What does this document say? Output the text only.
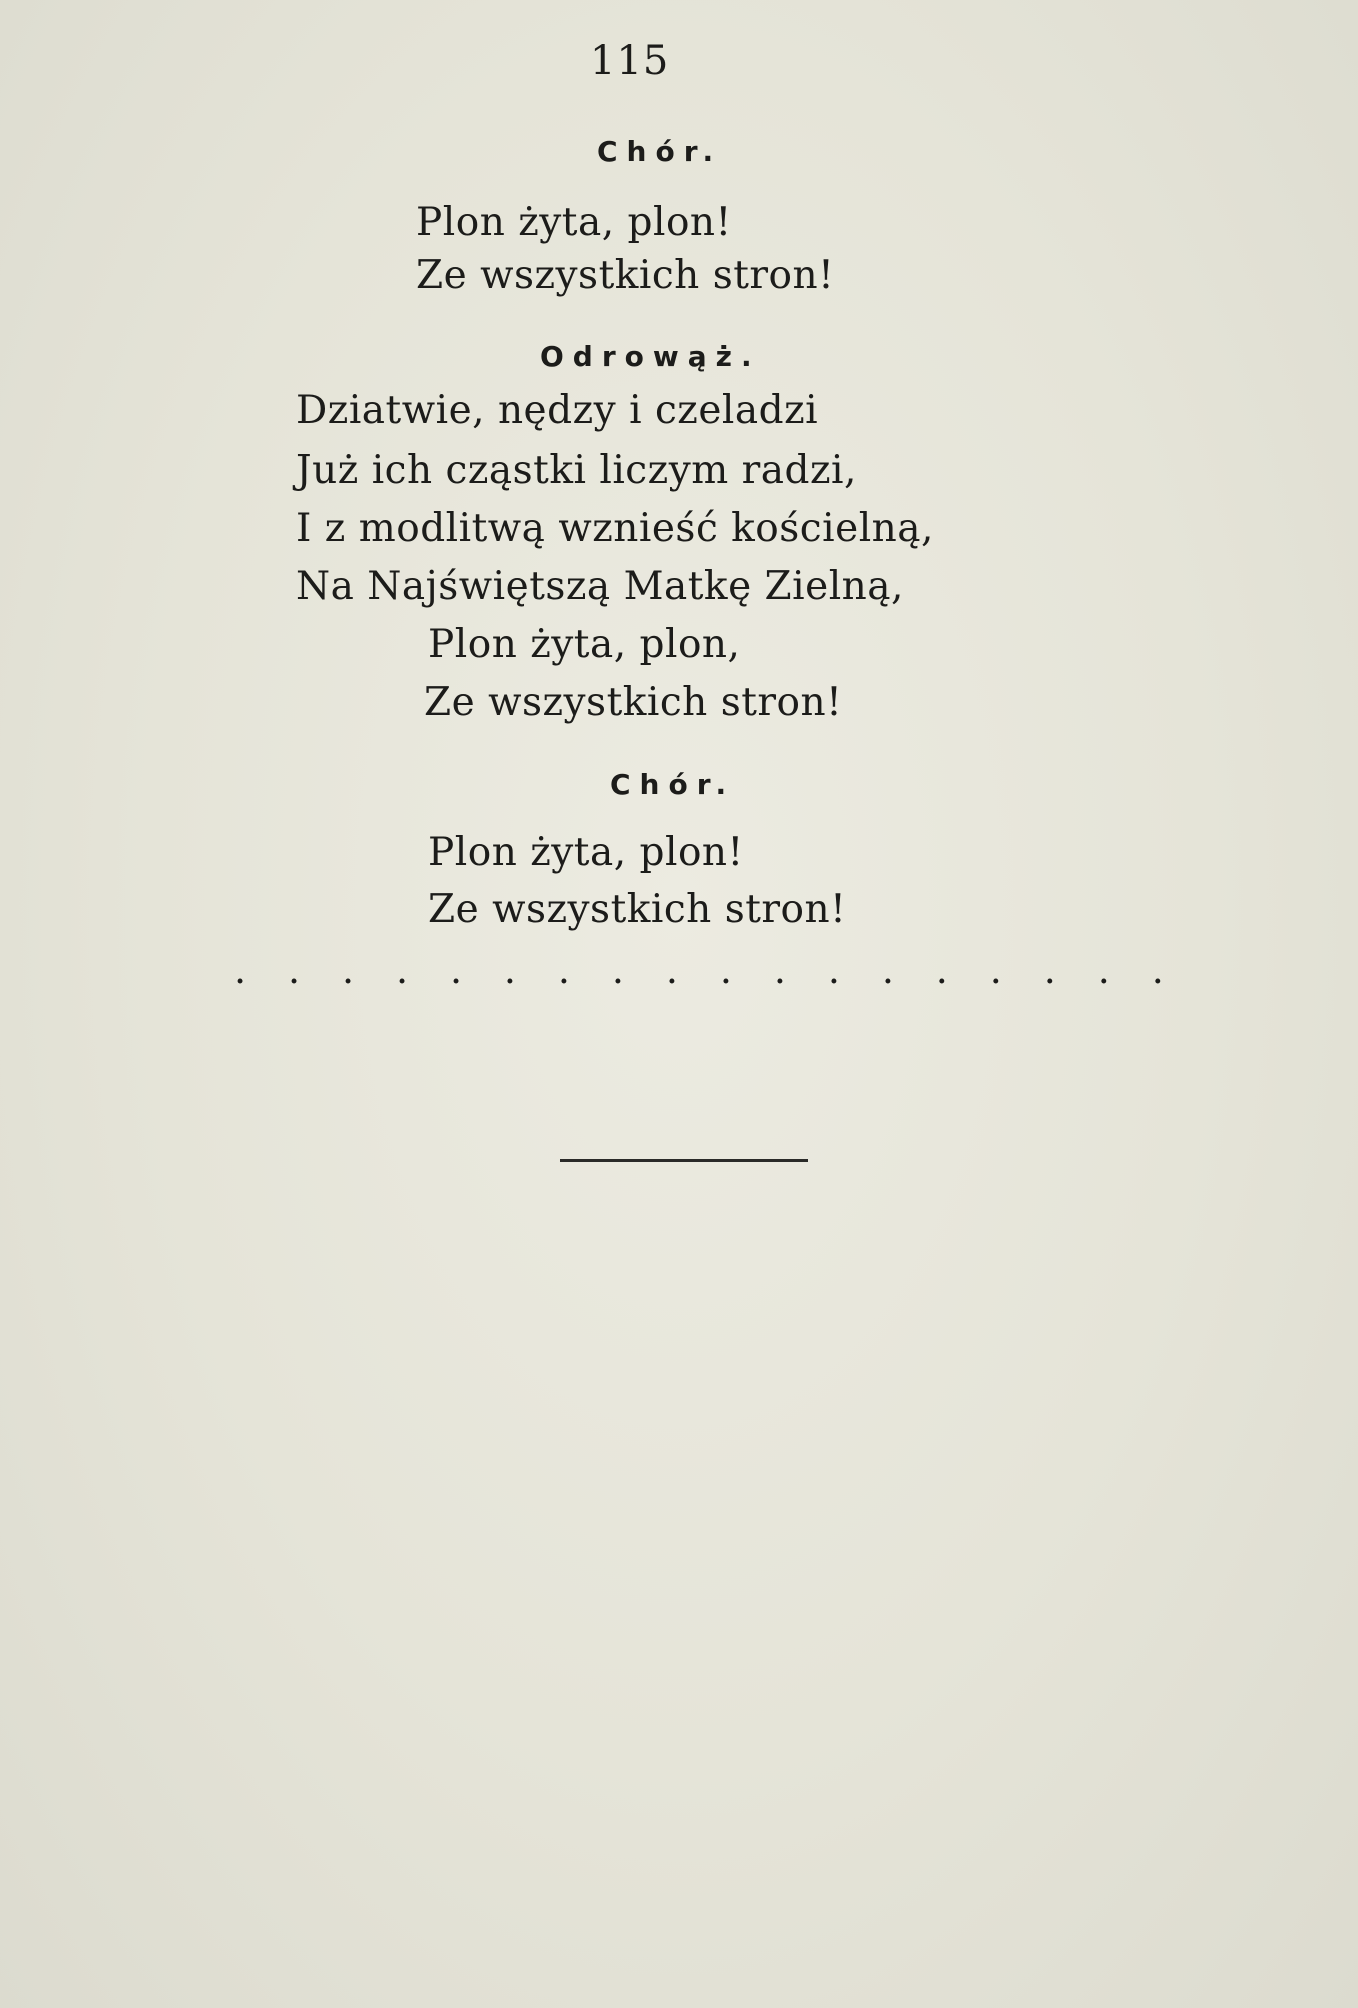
115
Chór.
Plon żyta, plon!
Ze wszystkich stron!
Odrowąż.
Dziatwie, nędzy i czeladzi
Już ich cząstki liczym radzi,
I z modlitwą wznieść kościelną,
Na Najświętszą Matkę Zielną,
Plon żyta, plon,
Ze wszystkich stron!
Chór.
Plon żyta, plon!
Ze wszystkich stron!
. . . . . . . . . . . . . . . . . .
